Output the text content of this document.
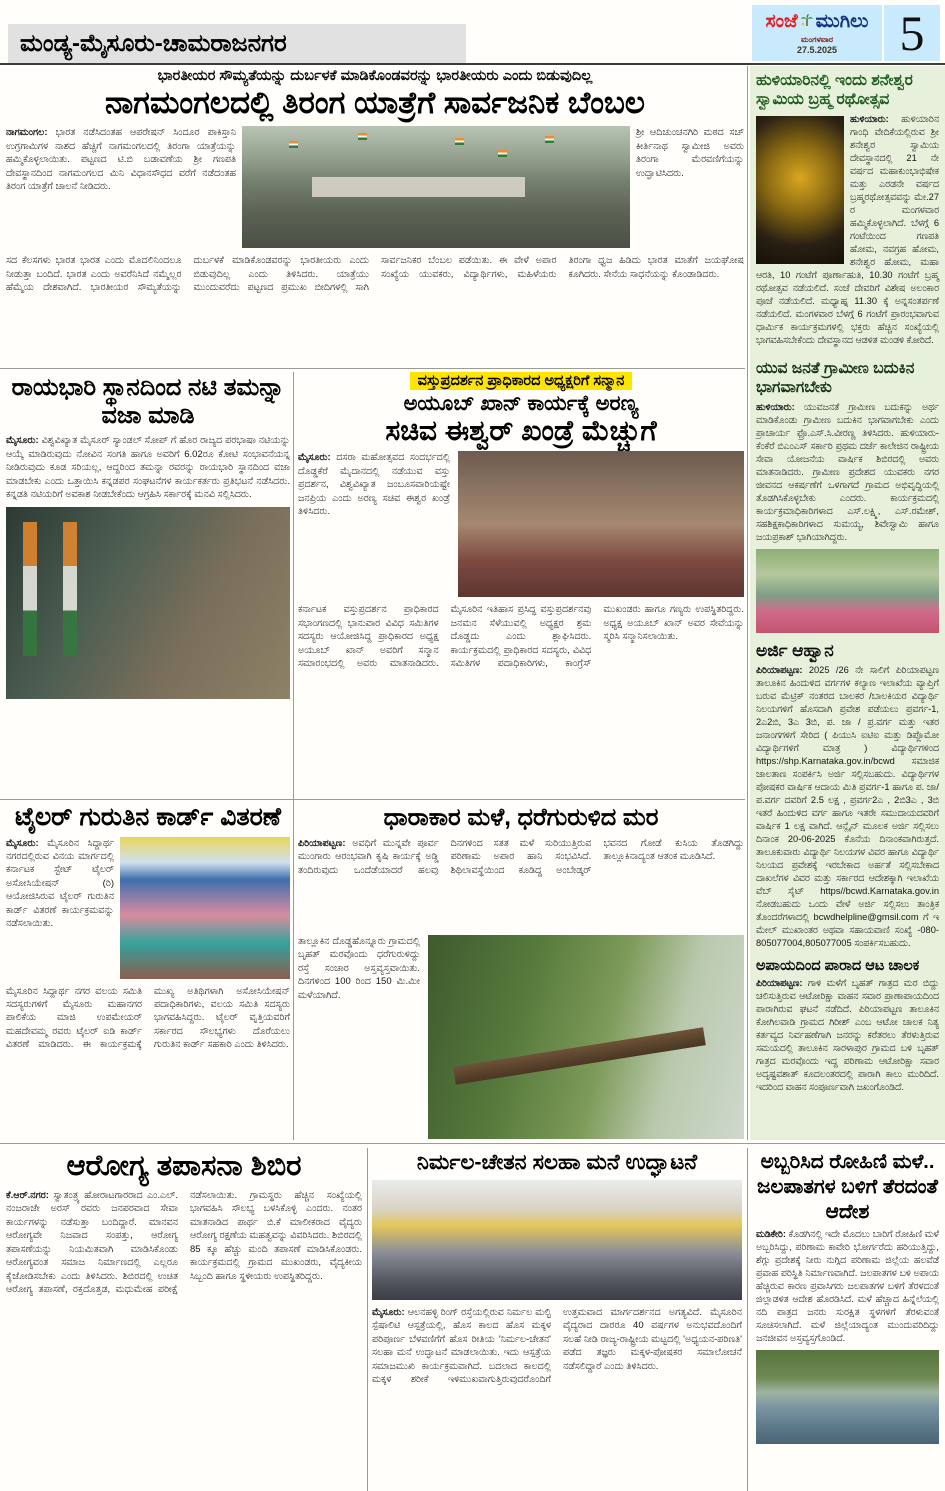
ಮಂಡ್ಯ-ಮೈಸೂರು-ಚಾಮರಾಜನಗರ
ಸಂಜೆ ಮುಗಿಲು
ಮಂಗಳವಾರ
27.5.2025	5
ಭಾರತೀಯರ ಸೌಮ್ಯತೆಯನ್ನು ದುರ್ಬಳಕೆ ಮಾಡಿಕೊಂಡವರನ್ನು ಭಾರತೀಯರು ಎಂದು ಬಿಡುವುದಿಲ್ಲ
ನಾಗಮಂಗಲದಲ್ಲಿ ತಿರಂಗ ಯಾತ್ರೆಗೆ ಸಾರ್ವಜನಿಕ ಬೆಂಬಲ
ನಾಗಮಂಗಲ: ಭಾರತ ನಡೆಸಿದಂತಹ ಆಪರೇಷನ್ ಸಿಂದೂರ ಪಾಕಿಸ್ತಾನಿ ಉಗ್ರಗಾಮಿಗಳ ನಾಶದ ಹೆಚ್ಚಿಗೆ ನಾಗಮಂಗಲದಲ್ಲಿ ತಿರಂಗಾ ಯಾತ್ರೆಯನ್ನು ಹಮ್ಮಿಕೊಳ್ಳಲಾಯಿತು. ಪಟ್ಟಣದ ಟಿ.ಬಿ ಬಡಾವಣೆಯ ಶ್ರೀ ಗಣಪತಿ ದೇವಸ್ಥಾನದಿಂದ ನಾಗಮಂಗಲದ ಮಿನಿ ವಿಧಾನಸೌಧದ ವರೆಗೆ ನಡೆದಂತಹ ತಿರಂಗ ಯಾತ್ರೆಗೆ ಚಾಲನೆ ನೀಡಿದರು.
ಶ್ರೀ ಆದಿಚುಂಚನಗಿರಿ ಮಠದ ಸಚ್ ಕೀರ್ತಿನಾಥ ಸ್ವಾಮೀಜಿ ಅವರು ತಿರಂಗಾ ಮೆರವಣಿಗೆಯನ್ನು ಉದ್ಘಾಟಿಸಿದರು.
ಸದ ಕೆಲಸಗಳು ಭಾರತ ಭಾರತ ಎಂದು ಮೊದಲಿನಿಂದಲೂ ನೀಡುತ್ತಾ ಬಂದಿದೆ. ಭಾರತ ಎಂದು ಅವರೆನಿಸಿದೆ ನಮ್ಮೆಲ್ಲರ ಹೆಮ್ಮೆಯ ದೇಶವಾಗಿದೆ. ಭಾರತೀಯರ ಸೌಮ್ಯತೆಯನ್ನು ದುರ್ಬಳಕೆ ಮಾಡಿಕೊಂಡವರನ್ನು ಭಾರತೀಯರು ಎಂದು ಬಿಡುವುದಿಲ್ಲ ಎಂದು ತಿಳಿಸಿದರು. ಯಾತ್ರೆಯು ಮುಂದುವರೆದು ಪಟ್ಟಣದ ಪ್ರಮುಖ ಬೀದಿಗಳಲ್ಲಿ ಸಾಗಿ ಸಾರ್ವಜನಿಕರ ಬೆಂಬಲ ಪಡೆಯಿತು. ಈ ವೇಳೆ ಅಪಾರ ಸಂಖ್ಯೆಯ ಯುವಕರು, ವಿದ್ಯಾರ್ಥಿಗಳು, ಮಹಿಳೆಯರು ತಿರಂಗಾ ಧ್ವಜ ಹಿಡಿದು ಭಾರತ ಮಾತೆಗೆ ಜಯಘೋಷ ಕೂಗಿದರು. ಸೇನೆಯ ಸಾಧನೆಯನ್ನು ಕೊಂಡಾಡಿದರು.
ಹುಳಿಯಾರಿನಲ್ಲಿ ಇಂದು ಶನೇಶ್ವರ ಸ್ವಾಮಿಯ ಬ್ರಹ್ಮ ರಥೋತ್ಸವ
ಹುಳಿಯಾರು: ಹುಳಿಯಾರಿನ ಗಾಂಧಿ ವೇದಿಕೆಯಲ್ಲಿರುವ ಶ್ರೀ ಶನೇಶ್ವರ ಸ್ವಾಮಿಯ ದೇವಸ್ಥಾನದಲ್ಲಿ 21 ನೇ ವರ್ಷದ ಮಹಾಕುಂಭಾಭಿಷೇಕ ಮತ್ತು ಎರಡನೇ ವರ್ಷದ ಬ್ರಹ್ಮರಥೋತ್ಸವವನ್ನು ಮೇ.27 ರ ಮಂಗಳವಾರ ಹಮ್ಮಿಕೊಳ್ಳಲಾಗಿದೆ. ಬೆಳಗ್ಗೆ 6 ಗಂಟೆಯಿಂದ ಗಣಪತಿ ಹೋಮ, ನವಗ್ರಹ ಹೋಮ, ಶನೇಶ್ವರ ಹೋಮ, ಮಹಾ ಆರತಿ, 10 ಗಂಟೆಗೆ ಪೂರ್ಣಾಹುತಿ, 10.30 ಗಂಟೆಗೆ ಬ್ರಹ್ಮ ರಥೋತ್ಸವ ನಡೆಯಲಿದೆ. ಸಂಜೆ ದೇವರಿಗೆ ವಿಶೇಷ ಅಲಂಕಾರ ಪೂಜೆ ನಡೆಯಲಿದೆ. ಮಧ್ಯಾಹ್ನ 11.30 ಕ್ಕೆ ಅನ್ನಸಂತರ್ಪಣೆ ನಡೆಯಲಿದೆ. ಮಂಗಳವಾರ ಬೆಳಗ್ಗೆ 6 ಗಂಟೆಗೆ ಪ್ರಾರಂಭವಾಗುವ ಧಾರ್ಮಿಕ ಕಾರ್ಯಕ್ರಮಗಳಲ್ಲಿ ಭಕ್ತರು ಹೆಚ್ಚಿನ ಸಂಖ್ಯೆಯಲ್ಲಿ ಭಾಗವಹಿಸಬೇಕೆಂದು ದೇವಸ್ಥಾನದ ಆಡಳಿತ ಮಂಡಳಿ ಕೋರಿದೆ.
ಯುವ ಜನತೆ ಗ್ರಾಮೀಣ ಬದುಕಿನ ಭಾಗವಾಗಬೇಕು
ಹುಳಿಯಾರು: ಯುವಜನತೆ ಗ್ರಾಮೀಣ ಬದುಕನ್ನು ಅರ್ಥ ಮಾಡಿಕೊಂಡು ಗ್ರಾಮೀಣ ಬದುಕಿನ ಭಾಗವಾಗಬೇಕು ಎಂದು ಪ್ರಾಚಾರ್ಯ ಫ್ರೊ.ಎಸ್.ಸಿ.ವೀರಣ್ಣ ತಿಳಿಸಿದರು. ಹುಳಿಯಾರು-ಕೆಂಕೆರೆ ಬಿಎಂಎಸ್ ಸರ್ಕಾರಿ ಪ್ರಥಮ ದರ್ಜೆ ಕಾಲೇಜಿನ ರಾಷ್ಟ್ರೀಯ ಸೇವಾ ಯೋಜನೆಯ ವಾರ್ಷಿಕ ಶಿಬಿರದಲ್ಲಿ ಅವರು ಮಾತನಾಡಿದರು. ಗ್ರಾಮೀಣ ಪ್ರದೇಶದ ಯುವಕರು ನಗರ ಜೀವನದ ಆಕರ್ಷಣೆಗೆ ಒಳಗಾಗದೆ ಗ್ರಾಮದ ಅಭಿವೃದ್ಧಿಯಲ್ಲಿ ತೊಡಗಿಸಿಕೊಳ್ಳಬೇಕು ಎಂದರು. ಕಾರ್ಯಕ್ರಮದಲ್ಲಿ ಕಾರ್ಯಕ್ರಮಾಧಿಕಾರಿಗಳಾದ ಎಸ್.ಲಕ್ಷ್ಮಿ, ಎಸ್.ರಮೇಶ್, ಸಹಶಿಕ್ಷಕಾಧಿಕಾರಿಗಳಾದ ಸುಮಯ್ಯ, ಶಿವೇಸ್ವಾಮಿ ಹಾಗೂ ಜಯಪ್ರಕಾಶ್ ಭಾಗಿಯಾಗಿದ್ದರು.
ಅರ್ಜಿ ಆಹ್ವಾನ
ಪಿರಿಯಾಪಟ್ಟಣ: 2025 /26 ನೇ ಸಾಲಿಗೆ ಪಿರಿಯಾಪಟ್ಟಣ ತಾಲೂಕಿನ ಹಿಂದುಳಿದ ವರ್ಗಗಳ ಕಲ್ಯಾಣ ಇಲಾಖೆಯ ವ್ಯಾಪ್ತಿಗೆ ಬರುವ ಮೆಟ್ರಿಕ್ ನಂತರದ ಬಾಲಕರ /ಬಾಲಕಿಯರ ವಿದ್ಯಾರ್ಥಿ ನಿಲಯಗಳಿಗೆ ಹೊಸದಾಗಿ ಪ್ರವೇಶ ಪಡೆಯಲು ಪ್ರವರ್ಗ-1, 2ಎ2ಬಿ, 3ಎ 3ಬಿ, ಪ. ಜಾ / ಪ್ರ.ವರ್ಗ ಮತ್ತು ಇತರ ಜನಾಂಗಗಳಿಗೆ ಸೇರಿದ ( ಪಿಯುಸಿ ಐಟಿಐ ಮತ್ತು ಡಿಪ್ಲೊಮೋ ವಿದ್ಯಾರ್ಥಿಗಳಿಗೆ ಮಾತ್ರ ) ವಿದ್ಯಾರ್ಥಿಗಳಿಂದ https://shp.Karnataka.gov.in/bcwd ಸಮಾಜಿಕ ಜಾಲತಾಣ ಸಂಪರ್ಕಿಸಿ ಅರ್ಜಿ ಸಲ್ಲಿಸಬಹುದು. ವಿದ್ಯಾರ್ಥಿಗಳ ಪೋಷಕರ ವಾರ್ಷಿಕ ಆದಾಯ ಮಿತಿ ಪ್ರವರ್ಗ-1 ಹಾಗೂ ಪ. ಜಾ/ ಪ.ವರ್ಗ ದವರಿಗೆ 2.5 ಲಕ್ಷ , ಪ್ರವರ್ಗ2ಎ , 2ಬಿ3ಎ , 3ಬಿ ಇತರೆ ಹಿಂದುಳಿದ ವರ್ಗ ಹಾಗೂ ಇತರೇ ಸಮುದಾಯದವರಿಗೆ ವಾರ್ಷಿಕ 1 ಲಕ್ಷ ವಾಗಿದೆ. ಆನ್ಲೈನ್ ಮೂಲಕ ಅರ್ಜಿ ಸಲ್ಲಿಸಲು ದಿನಾಂಕ 20-06-2025 ಕೊನೆಯ ದಿನಾಂಕವಾಗಿರುತ್ತದೆ. ತಾಲೂಕುವಾರು ವಿದ್ಯಾರ್ಥಿ ನಿಲಯಗಳ ವಿವರ ಹಾಗೂ ವಿದ್ಯಾರ್ಥಿ ನಿಲಯದ ಪ್ರವೇಶಕ್ಕೆ ಇರಬೇಕಾದ ಅರ್ಹತೆ ಸಲ್ಲಿಸಬೇಕಾದ ದಾಖಲೆಗಳ ವಿವರ ಮತ್ತು ಸರ್ಕಾರದ ಆದೇಶಕ್ಕಾಗಿ ಇಲಾಖೆಯ ವೆಬ್ ಸೈಟ್ https//bcwd.Karnataka.gov.in ನೋಡಬಹುದು ಒಂದು ವೇಳೆ ಅರ್ಜಿ ಸಲ್ಲಿಸಲು ತಾಂತ್ರಿಕ ತೊಂದರೆಗಳಾದಲ್ಲಿ bcwdhelpline@gmsil.com ಗೆ ಇ ಮೇಲ್ ಮುಖಾಂತರ ಅಥವಾ ಸಹಾಯವಾಣಿ ಸಂಖ್ಯೆ -080-805077004,805077005 ಸಂಪರ್ಕಿಸಬಹುದು.
ಅಪಾಯದಿಂದ ಪಾರಾದ ಆಟ ಚಾಲಕ
ಪಿರಿಯಾಪಟ್ಟಣ: ಗಾಳಿ ಮಳೆಗೆ ಬೃಹತ್ ಗಾತ್ರದ ಮರ ಬಿದ್ದು ಚಲಿಸುತ್ತಿರುವ ಆಟೋರಿಕ್ಷಾ ವಾಹನ ಸವಾರ ಪ್ರಾಣಾಪಾಯದಿಂದ ಪಾರಾಗಿರುವ ಘಟನೆ ನಡೆದಿದೆ. ಪಿರಿಯಾಪಟ್ಟಣ ತಾಲೂಕಿನ ಕೋಗಿಲವಾಡಿ ಗ್ರಾಮದ ಗಿರೀಶ್ ಎಂಬ ಆಟೋ ಚಾಲಕ ನಿತ್ಯ ಕರ್ತವ್ಯದ ನಿರ್ವಹಣೆಗಾಗಿ ಜನರನ್ನು ಕರೆತರಲು ತೆರಳುತ್ತಿರುವ ಸಮಯದಲ್ಲಿ ತಾಲೂಕಿನ ಸಾರಳಾಪುರ ಗ್ರಾಮದ ಬಳಿ ಬೃಹತ್ ಗಾತ್ರದ ಮರವೊಂದು ಇದ್ದ ಪರಿಣಾಮ ಆಟೋರಿಕ್ಷಾ ಸವಾರ ಅದೃಷ್ಟವಶಾತ್ ಕೂದಲಂತರದಲ್ಲಿ ಪಾರಾಗಿ ಕಾಲು ಮುರಿದಿದೆ. ಇದರಿಂದ ವಾಹನ ಸಂಪೂರ್ಣವಾಗಿ ಜಖಂಗೊಂಡಿದೆ.
ಅಬ್ಬರಿಸಿದ ರೋಹಿಣಿ ಮಳೆ.. ಜಲಪಾತಗಳ ಬಳಿಗೆ ತೆರದಂತೆ ಆದೇಶ
ಮಡಿಕೇರಿ: ಕೊಡಗಿನಲ್ಲಿ ಇದೇ ಮೊದಲು ಬಾರಿಗೆ ರೋಹಿಣಿ ಮಳೆ ಅಬ್ಬರಿಸಿದ್ದು, ಪರಿಣಾಮ ಕಾವೇರಿ ಭೋರ್ಗರೆದು ಹರಿಯುತ್ತಿದ್ದು, ಶೆಗ್ಗು ಪ್ರದೇಶಕ್ಕೆ ನೀರು ನುಗ್ಗಿದ ಪರಿಣಾಮ ಜಿಲ್ಲೆಯ ಹಲವೆಡೆ ಪ್ರವಾಹ ಪರಿಸ್ಥಿತಿ ನಿರ್ಮಾಣವಾಗಿದೆ. ಜಲಪಾತಗಳ ಬಳಿ ಅಪಾಯ ಹೆಚ್ಚಿರುವ ಕಾರಣ ಪ್ರವಾಸಿಗರು ಜಲಪಾತಗಳ ಬಳಿಗೆ ತೆರಳದಂತೆ ಜಿಲ್ಲಾಡಳಿತ ಆದೇಶ ಹೊರಡಿಸಿದೆ. ಮಳೆ ಹೆಚ್ಚಾದ ಹಿನ್ನೆಲೆಯಲ್ಲಿ ನದಿ ಪಾತ್ರದ ಜನರು ಸುರಕ್ಷಿತ ಸ್ಥಳಗಳಿಗೆ ತೆರಳುವಂತೆ ಸೂಚಿಸಲಾಗಿದೆ. ಮಳೆ ಜಿಲ್ಲೆಯಾದ್ಯಂತ ಮುಂದುವರಿದಿದ್ದು ಜನಜೀವನ ಅಸ್ತವ್ಯಸ್ತಗೊಂಡಿದೆ.
ರಾಯಭಾರಿ ಸ್ಥಾನದಿಂದ ನಟಿ ತಮನ್ನಾ ವಜಾ ಮಾಡಿ
ಮೈಸೂರು: ವಿಶ್ವವಿಖ್ಯಾತ ಮೈಸೂರ್ ಸ್ಯಾಂಡಲ್ ಸೋಪ್ ಗೆ ಹೊರ ರಾಜ್ಯದ ಪರಭಾಷಾ ನಟಿಯನ್ನು ಆಯ್ಕೆ ಮಾಡಿರುವುದು ನೋವಿನ ಸಂಗತಿ ಹಾಗೂ ಅವರಿಗೆ 6.02ರೂ ಕೋಟಿ ಸಂಭಾವನೆಯನ್ನ ನೀಡಿರುವುದು ಕೂಡ ಸರಿಯಲ್ಲ, ಆದ್ದರಿಂದ ತಮನ್ನಾ ರವರನ್ನು ರಾಯಭಾರಿ ಸ್ಥಾನದಿಂದ ವಜಾ ಮಾಡಬೇಕು ಎಂದು ಒತ್ತಾಯಿಸಿ ಕನ್ನಡಪರ ಸಂಘಟನೆಗಳ ಕಾರ್ಯಕರ್ತರು ಪ್ರತಿಭಟನೆ ನಡೆಸಿದರು. ಕನ್ನಡತಿ ನಟಿಯರಿಗೆ ಅವಕಾಶ ನೀಡಬೇಕೆಂದು ಆಗ್ರಹಿಸಿ ಸರ್ಕಾರಕ್ಕೆ ಮನವಿ ಸಲ್ಲಿಸಿದರು.
ವಸ್ತುಪ್ರದರ್ಶನ ಪ್ರಾಧಿಕಾರದ ಅಧ್ಯಕ್ಷರಿಗೆ ಸನ್ಮಾನ
ಅಯೂಬ್ ಖಾನ್ ಕಾರ್ಯಕ್ಕೆ ಅರಣ್ಯ
ಸಚಿವ ಈಶ್ವರ್ ಖಂಡ್ರೆ ಮೆಚ್ಚುಗೆ
ಮೈಸೂರು: ದಸರಾ ಮಹೋತ್ಸವದ ಸಂದರ್ಭದಲ್ಲಿ ದೊಡ್ಡಕೆರೆ ಮೈದಾನದಲ್ಲಿ ನಡೆಯುವ ವಸ್ತು ಪ್ರದರ್ಶನ, ವಿಶ್ವವಿಖ್ಯಾತ ಜಂಬೂಸವಾರಿಯಷ್ಟೇ ಜನಪ್ರಿಯ ಎಂದು ಅರಣ್ಯ ಸಚಿವ ಈಶ್ವರ ಖಂಡ್ರೆ ತಿಳಿಸಿದರು.
ಕರ್ನಾಟಕ ವಸ್ತುಪ್ರದರ್ಶನ ಪ್ರಾಧಿಕಾರದ ಸಭಾಂಗಣದಲ್ಲಿ ಭಾನುವಾರ ವಿವಿಧ ಸಮಿತಿಗಳ ಸದಸ್ಯರು ಆಯೋಜಿಸಿದ್ದ ಪ್ರಾಧಿಕಾರದ ಅಧ್ಯಕ್ಷ ಅಯೂಬ್ ಖಾನ್ ಅವರಿಗೆ ಸನ್ಮಾನ ಸಮಾರಂಭದಲ್ಲಿ ಅವರು ಮಾತನಾಡಿದರು. ಮೈಸೂರಿನ ಇತಿಹಾಸ ಪ್ರಸಿದ್ಧ ವಸ್ತುಪ್ರದರ್ಶನವು ಜನಮನ ಸೆಳೆಯುವಲ್ಲಿ ಅಧ್ಯಕ್ಷರ ಶ್ರಮ ದೊಡ್ಡದು ಎಂದು ಶ್ಲಾಘಿಸಿದರು. ಕಾರ್ಯಕ್ರಮದಲ್ಲಿ ಪ್ರಾಧಿಕಾರದ ಸದಸ್ಯರು, ವಿವಿಧ ಸಮಿತಿಗಳ ಪದಾಧಿಕಾರಿಗಳು, ಕಾಂಗ್ರೆಸ್ ಮುಖಂಡರು ಹಾಗೂ ಗಣ್ಯರು ಉಪಸ್ಥಿತರಿದ್ದರು. ಅಧ್ಯಕ್ಷ ಅಯೂಬ್ ಖಾನ್ ಅವರ ಸೇವೆಯನ್ನು ಸ್ಮರಿಸಿ ಸನ್ಮಾನಿಸಲಾಯಿತು.
ಟೈಲರ್ ಗುರುತಿನ ಕಾರ್ಡ್ ವಿತರಣೆ
ಮೈಸೂರು: ಮೈಸೂರಿನ ಸಿದ್ದಾರ್ಥ ನಗರದಲ್ಲಿರುವ ವಿನಯ ಮಾರ್ಗದಲ್ಲಿ ಕರ್ನಾಟಕ ಸ್ಟೇಟ್ ಟೈಲರ್ ಅಸೋಸಿಯೇಷನ್ (ರಿ) ಆಯೋಜಿಸಿರುವ ಟೈಲರ್ ಗುರುತಿನ ಕಾರ್ಡ್ ವಿತರಣೆ ಕಾರ್ಯಕ್ರಮವನ್ನು ನಡೆಸಲಾಯಿತು.
ಮೈಸೂರಿನ ಸಿದ್ದಾರ್ಥ ನಗರ ವಲಯ ಸಮಿತಿ ಸದಸ್ಯರುಗಳಿಗೆ ಮೈಸೂರು ಮಹಾನಗರ ಪಾಲಿಕೆಯ ಮಾಜಿ ಉಪಮೇಯರ್ ಮಹದೇವಮ್ಮ ರವರು ಟೈಲರ್ ಐಡಿ ಕಾರ್ಡ್ ವಿತರಣೆ ಮಾಡಿದರು. ಈ ಕಾರ್ಯಕ್ರಮಕ್ಕೆ ಮುಖ್ಯ ಅತಿಥಿಗಳಾಗಿ ಅಸೋಸಿಯೇಷನ್ ಪದಾಧಿಕಾರಿಗಳು, ವಲಯ ಸಮಿತಿ ಸದಸ್ಯರು ಭಾಗವಹಿಸಿದ್ದರು. ಟೈಲರ್ ವೃತ್ತಿಯವರಿಗೆ ಸರ್ಕಾರದ ಸೌಲಭ್ಯಗಳು ದೊರೆಯಲು ಗುರುತಿನ ಕಾರ್ಡ್ ಸಹಕಾರಿ ಎಂದು ತಿಳಿಸಿದರು.
ಧಾರಾಕಾರ ಮಳೆ, ಧರೆಗುರುಳಿದ ಮರ
ಪಿರಿಯಾಪಟ್ಟಣ: ಅವಧಿಗೆ ಮುನ್ನವೇ ಪೂರ್ವ ಮುಂಗಾರು ಆರಂಭವಾಗಿ ಕೃಷಿ ಕಾರ್ಯಕ್ಕೆ ಅಡ್ಡಿ ತಂದಿರುವುದು ಒಂದೆಡೆಯಾದರೆ ಹಲವು ದಿನಗಳಿಂದ ಸತತ ಮಳೆ ಸುರಿಯುತ್ತಿರುವ ಪರಿಣಾಮ ಅಪಾರ ಹಾನಿ ಸಂಭವಿಸಿದೆ. ಶಿಥಿಲಾವಸ್ಥೆಯಿಂದ ಕೂಡಿದ್ದ ಅಂಬೇಡ್ಕರ್ ಭವನದ ಗೋಡೆ ಕುಸಿಯ ತೊಡಗಿದ್ದು ತಾಲ್ಲೂಕಿನಾದ್ಯಂತ ಆತಂಕ ಮೂಡಿಸಿದೆ.
ತಾಲ್ಲೂಕಿನ ದೊಡ್ಡಹೊನ್ನೂರು ಗ್ರಾಮದಲ್ಲಿ ಬೃಹತ್ ಮರವೊಂದು ಧರೆಗುರುಳಿದ್ದು ರಸ್ತೆ ಸಂಚಾರ ಅಸ್ತವ್ಯಸ್ತವಾಯಿತು. ದಿನಗಳಿಂದ 100 ರಿಂದ 150 ಮಿ.ಮೀ ಮಳೆಯಾಗಿದೆ.
ಆರೋಗ್ಯ ತಪಾಸನಾ ಶಿಬಿರ
ಕೆ.ಆರ್.ನಗರ: ಸ್ವಾತಂತ್ರ್ಯ ಹೋರಾಟಗಾರರಾದ ಎಂ.ಎಲ್. ನಂಜರಾಜೇ ಅರಸ್ ರವರು ಜನಪರವಾದ ಸೇವಾ ಕಾರ್ಯಗಳನ್ನು ನಡೆಸುತ್ತಾ ಬಂದಿದ್ದಾರೆ. ಮಾನವನ ಆರೋಗ್ಯವೇ ನಿಜವಾದ ಸಂಪತ್ತು, ಆರೋಗ್ಯ ತಪಾಸಣೆಯನ್ನು ನಿಯಮಿತವಾಗಿ ಮಾಡಿಸಿಕೊಂಡು ಆರೋಗ್ಯವಂತ ಸಮಾಜ ನಿರ್ಮಾಣದಲ್ಲಿ ಎಲ್ಲರೂ ಕೈಜೋಡಿಸಬೇಕು ಎಂದು ತಿಳಿಸಿದರು. ಶಿಬಿರದಲ್ಲಿ ಉಚಿತ ಆರೋಗ್ಯ ತಪಾಸಣೆ, ರಕ್ತದೊತ್ತಡ, ಮಧುಮೇಹ ಪರೀಕ್ಷೆ ನಡೆಸಲಾಯಿತು. ಗ್ರಾಮಸ್ಥರು ಹೆಚ್ಚಿನ ಸಂಖ್ಯೆಯಲ್ಲಿ ಭಾಗವಹಿಸಿ ಸೌಲಭ್ಯ ಬಳಸಿಕೊಳ್ಳಿ ಎಂದರು. ನಂತರ ಮಾತನಾಡಿದ ಪಾರ್ಥ ಬಿ.ಕೆ ಮಾಲೀಕರಾದ ವೈದ್ಯರು ಆರೋಗ್ಯ ರಕ್ಷಣೆಯ ಮಹತ್ವವನ್ನು ವಿವರಿಸಿದರು. ಶಿಬಿರದಲ್ಲಿ 85 ಕ್ಕೂ ಹೆಚ್ಚು ಮಂದಿ ತಪಾಸಣೆ ಮಾಡಿಸಿಕೊಂಡರು. ಕಾರ್ಯಕ್ರಮದಲ್ಲಿ ಗ್ರಾಮದ ಮುಖಂಡರು, ವೈದ್ಯಕೀಯ ಸಿಬ್ಬಂದಿ ಹಾಗೂ ಸ್ಥಳೀಯರು ಉಪಸ್ಥಿತರಿದ್ದರು.
ನಿರ್ಮಲ-ಚೇತನ ಸಲಹಾ ಮನೆ ಉದ್ಘಾಟನೆ
ಮೈಸೂರು: ಆಲನಹಳ್ಳಿ ರಿಂಗ್ ರಸ್ತೆಯಲ್ಲಿರುವ ನಿರ್ಮಲ ಮಲ್ಟಿ ಸ್ಪೆಷಾಲಿಟಿ ಆಸ್ಪತ್ರೆಯಲ್ಲಿ, ಹೊಸ ಕಾಲದ ಹೊಸ ಮಕ್ಕಳ ಪರಿಪೂರ್ಣ ಬೆಳವಣಿಗೆಗೆ ಹೊಸ ರೀತಿಯ 'ನಿರ್ಮಲ-ಚೇತನ' ಸಲಹಾ ಮನೆ ಉದ್ಘಾಟನೆ ಮಾಡಲಾಯಿತು. ಇದು ಆಸ್ಪತ್ರೆಯ ಸಮಾಜಮುಖಿ ಕಾರ್ಯಕ್ರಮವಾಗಿದೆ. ಬದಲಾದ ಕಾಲದಲ್ಲಿ ಮಕ್ಕಳ ಶರೀಕೆ ಇಳಿಮುಖವಾಗುತ್ತಿರುವುದರೊಂದಿಗೆ ಉತ್ತಮವಾದ ಮಾರ್ಗದರ್ಶನದ ಅಗತ್ಯವಿದೆ. ಮೈಸೂರಿನ ವೈದ್ಯರಾದ ದಾರರೂ 40 ವರ್ಷಗಳ ಅನುಭವದೊಂದಿಗೆ ಸಲಹೆ ನೀಡಿ ರಾಜ್ಯ-ರಾಷ್ಟ್ರೀಯ ಮಟ್ಟದಲ್ಲಿ 'ಅಧ್ಯಯನ-ಪರಿಣತಿ' ಪಡೆದ ತಜ್ಞರು ಮಕ್ಕಳ-ಪೋಷಕರ ಸಮಾಲೋಚನೆ ನಡೆಸಲಿದ್ದಾರೆ ಎಂದು ತಿಳಿಸಿದರು.
